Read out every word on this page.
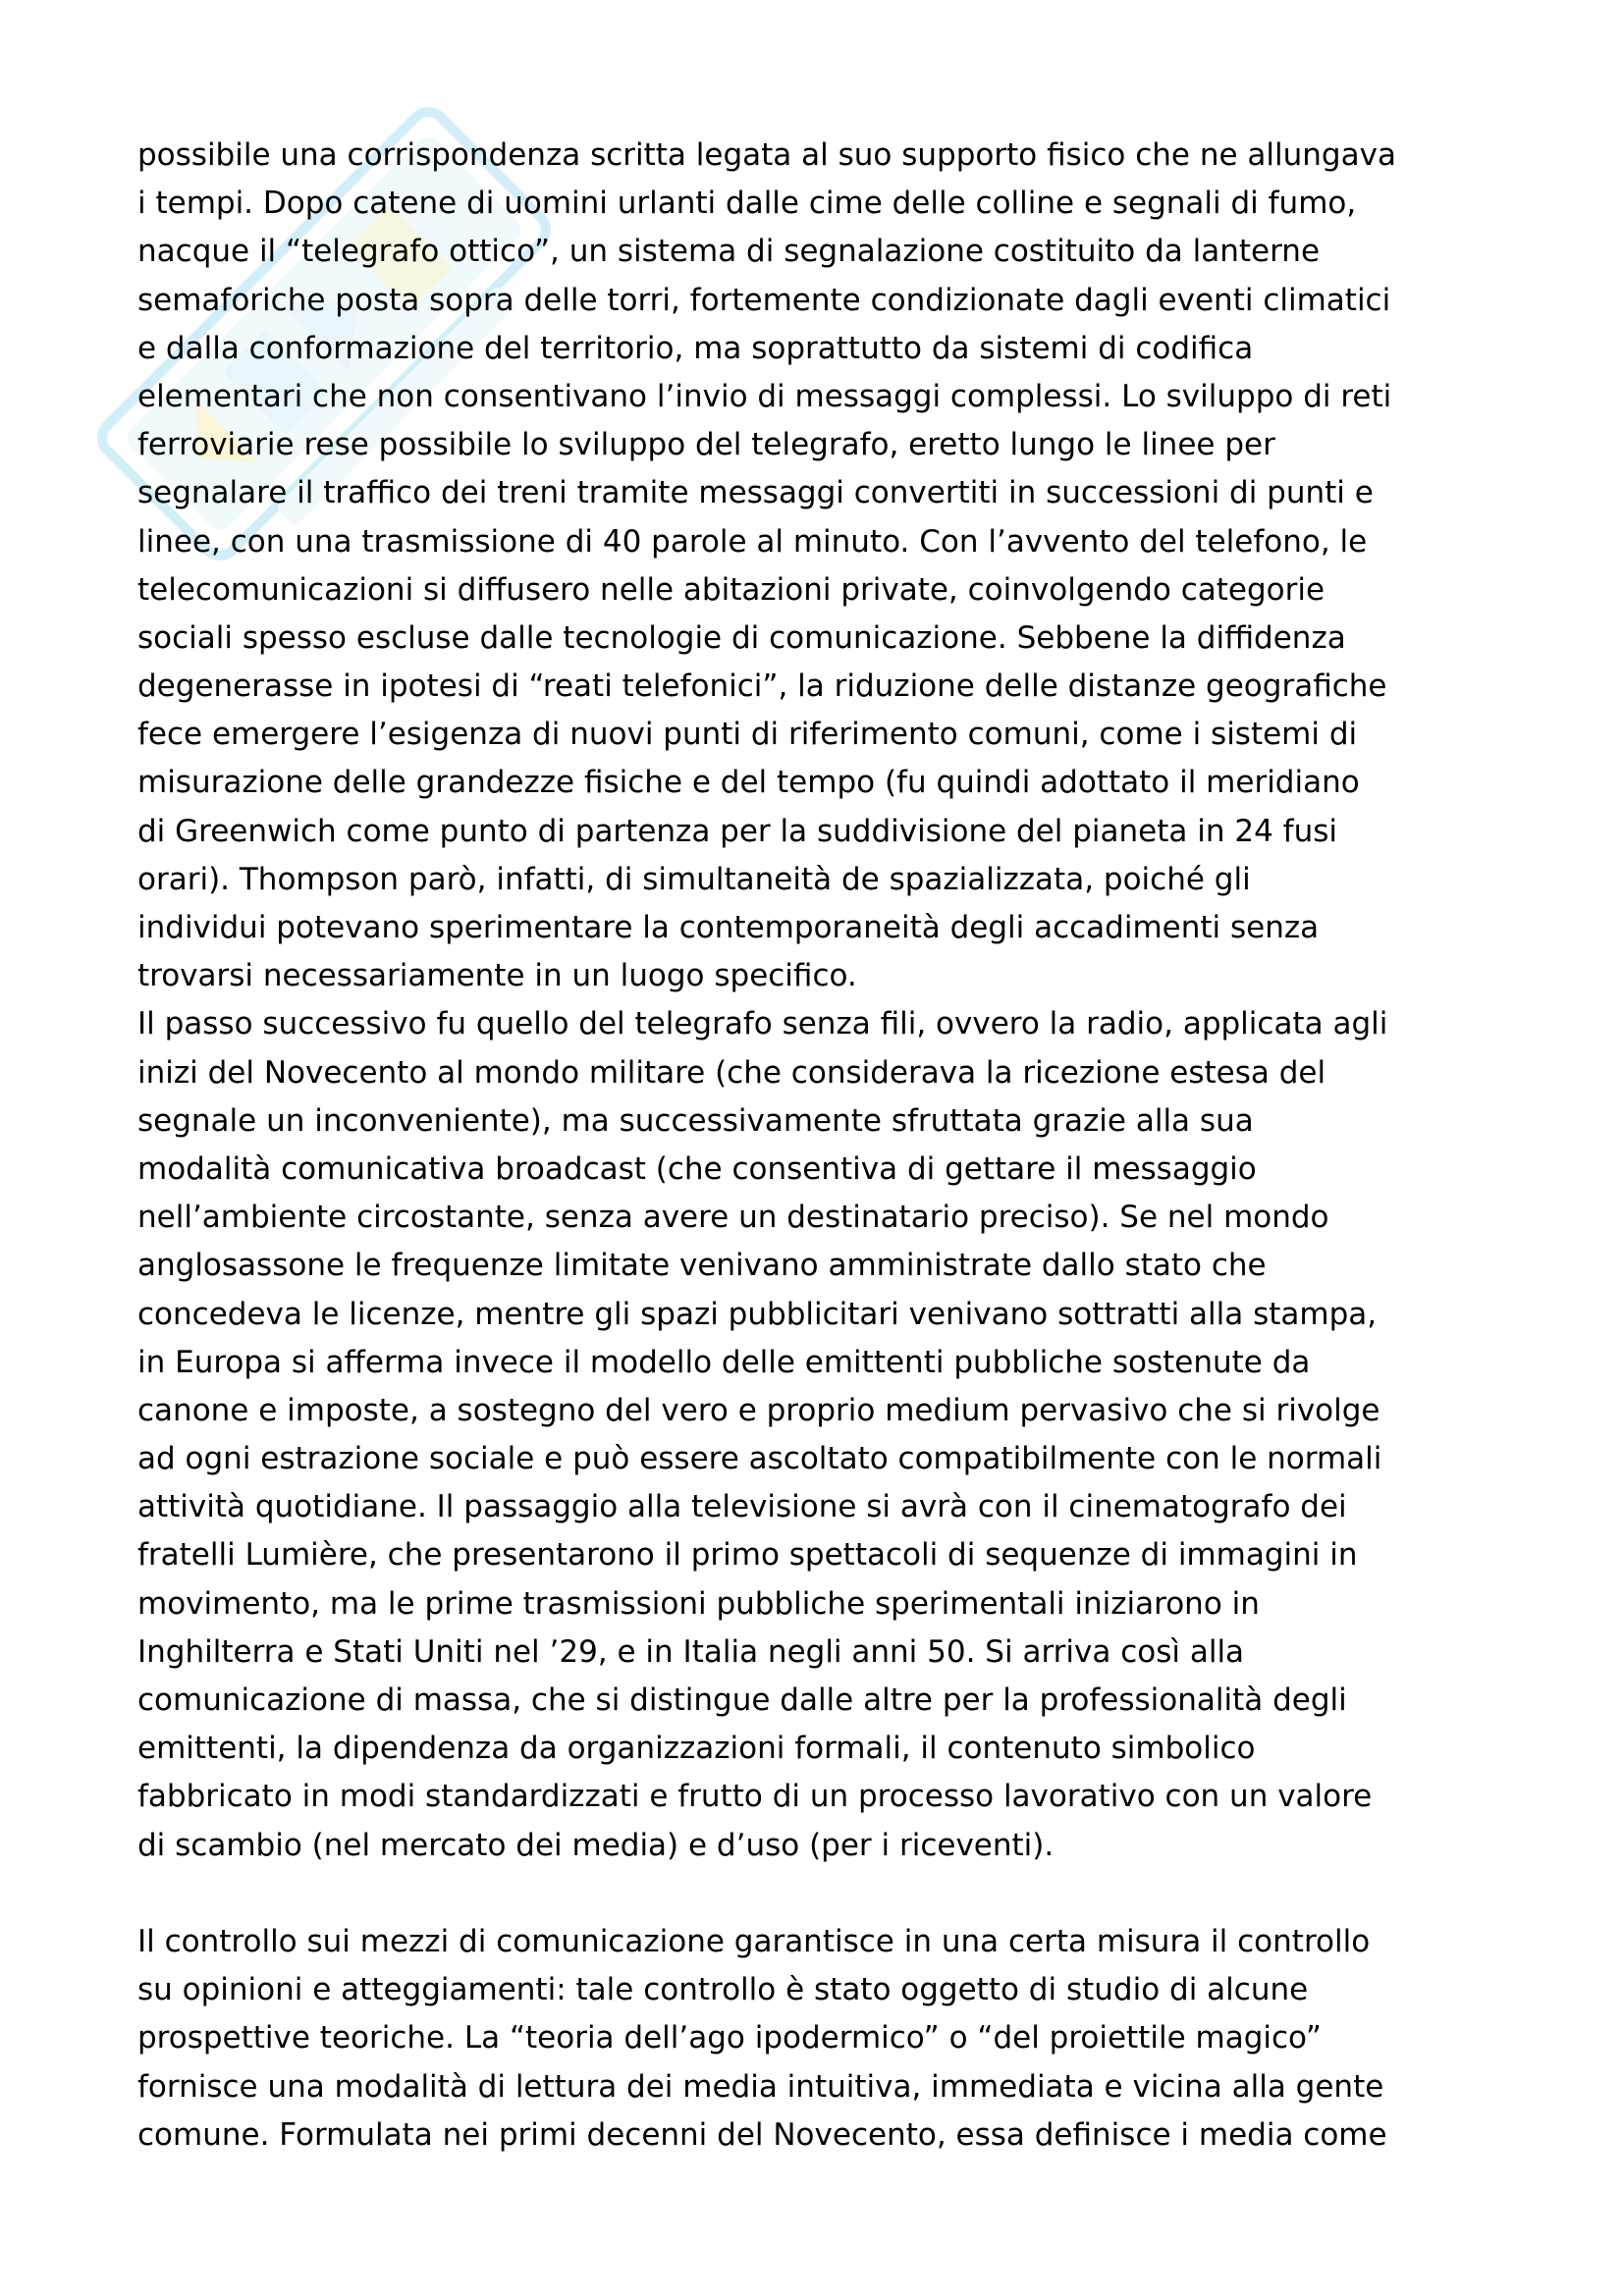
possibile una corrispondenza scritta legata al suo supporto fisico che ne allungava
i tempi. Dopo catene di uomini urlanti dalle cime delle colline e segnali di fumo,
nacque il “telegrafo ottico”, un sistema di segnalazione costituito da lanterne
semaforiche posta sopra delle torri, fortemente condizionate dagli eventi climatici
e dalla conformazione del territorio, ma soprattutto da sistemi di codifica
elementari che non consentivano l’invio di messaggi complessi. Lo sviluppo di reti
ferroviarie rese possibile lo sviluppo del telegrafo, eretto lungo le linee per
segnalare il traffico dei treni tramite messaggi convertiti in successioni di punti e
linee, con una trasmissione di 40 parole al minuto. Con l’avvento del telefono, le
telecomunicazioni si diffusero nelle abitazioni private, coinvolgendo categorie
sociali spesso escluse dalle tecnologie di comunicazione. Sebbene la diffidenza
degenerasse in ipotesi di “reati telefonici”, la riduzione delle distanze geografiche
fece emergere l’esigenza di nuovi punti di riferimento comuni, come i sistemi di
misurazione delle grandezze fisiche e del tempo (fu quindi adottato il meridiano
di Greenwich come punto di partenza per la suddivisione del pianeta in 24 fusi
orari). Thompson parò, infatti, di simultaneità de spazializzata, poiché gli
individui potevano sperimentare la contemporaneità degli accadimenti senza
trovarsi necessariamente in un luogo specifico.
Il passo successivo fu quello del telegrafo senza fili, ovvero la radio, applicata agli
inizi del Novecento al mondo militare (che considerava la ricezione estesa del
segnale un inconveniente), ma successivamente sfruttata grazie alla sua
modalità comunicativa broadcast (che consentiva di gettare il messaggio
nell’ambiente circostante, senza avere un destinatario preciso). Se nel mondo
anglosassone le frequenze limitate venivano amministrate dallo stato che
concedeva le licenze, mentre gli spazi pubblicitari venivano sottratti alla stampa,
in Europa si afferma invece il modello delle emittenti pubbliche sostenute da
canone e imposte, a sostegno del vero e proprio medium pervasivo che si rivolge
ad ogni estrazione sociale e può essere ascoltato compatibilmente con le normali
attività quotidiane. Il passaggio alla televisione si avrà con il cinematografo dei
fratelli Lumière, che presentarono il primo spettacoli di sequenze di immagini in
movimento, ma le prime trasmissioni pubbliche sperimentali iniziarono in
Inghilterra e Stati Uniti nel ’29, e in Italia negli anni 50. Si arriva così alla
comunicazione di massa, che si distingue dalle altre per la professionalità degli
emittenti, la dipendenza da organizzazioni formali, il contenuto simbolico
fabbricato in modi standardizzati e frutto di un processo lavorativo con un valore
di scambio (nel mercato dei media) e d’uso (per i riceventi).
Il controllo sui mezzi di comunicazione garantisce in una certa misura il controllo
su opinioni e atteggiamenti: tale controllo è stato oggetto di studio di alcune
prospettive teoriche. La “teoria dell’ago ipodermico” o “del proiettile magico”
fornisce una modalità di lettura dei media intuitiva, immediata e vicina alla gente
comune. Formulata nei primi decenni del Novecento, essa definisce i media come
